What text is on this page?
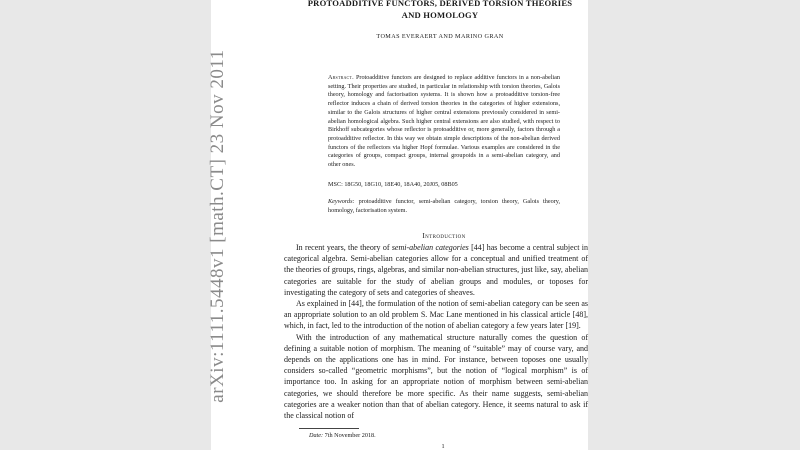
arXiv:1111.5448v1 [math.CT] 23 Nov 2011
PROTOADDITIVE FUNCTORS, DERIVED TORSION THEORIES
AND HOMOLOGY
TOMAS EVERAERT AND MARINO GRAN
Abstract. Protoadditive functors are designed to replace additive functors in a non-abelian setting. Their properties are studied, in particular in relationship with torsion theories, Galois theory, homology and factorisation systems. It is shown how a protoadditive torsion-free reflector induces a chain of derived torsion theories in the categories of higher extensions, similar to the Galois structures of higher central extensions previously considered in semi-abelian homological algebra. Such higher central extensions are also studied, with respect to Birkhoff subcategories whose reflector is protoadditive or, more generally, factors through a protoadditive reflector. In this way we obtain simple descriptions of the non-abelian derived functors of the reflectors via higher Hopf formulae. Various examples are considered in the categories of groups, compact groups, internal groupoids in a semi-abelian category, and other ones.
MSC: 18G50, 18G10, 18E40, 18A40, 20J05, 08B05
Keywords: protoadditive functor, semi-abelian category, torsion theory, Galois theory, homology, factorisation system.
Introduction

In recent years, the theory of semi-abelian categories [44] has become a central subject in categorical algebra. Semi-abelian categories allow for a conceptual and unified treatment of the theories of groups, rings, algebras, and similar non-abelian structures, just like, say, abelian categories are suitable for the study of abelian groups and modules, or toposes for investigating the category of sets and categories of sheaves.

As explained in [44], the formulation of the notion of semi-abelian category can be seen as an appropriate solution to an old problem S. Mac Lane mentioned in his classical article [48], which, in fact, led to the introduction of the notion of abelian category a few years later [19].

With the introduction of any mathematical structure naturally comes the question of defining a suitable notion of morphism. The meaning of “suitable” may of course vary, and depends on the applications one has in mind. For instance, between toposes one usually considers so-called “geometric morphisms”, but the notion of “logical morphism” is of importance too. In asking for an appropriate notion of morphism between semi-abelian categories, we should therefore be more specific. As their name suggests, semi-abelian categories are a weaker notion than that of abelian category. Hence, it seems natural to ask if the classical notion of

Date: 7th November 2018.
1
